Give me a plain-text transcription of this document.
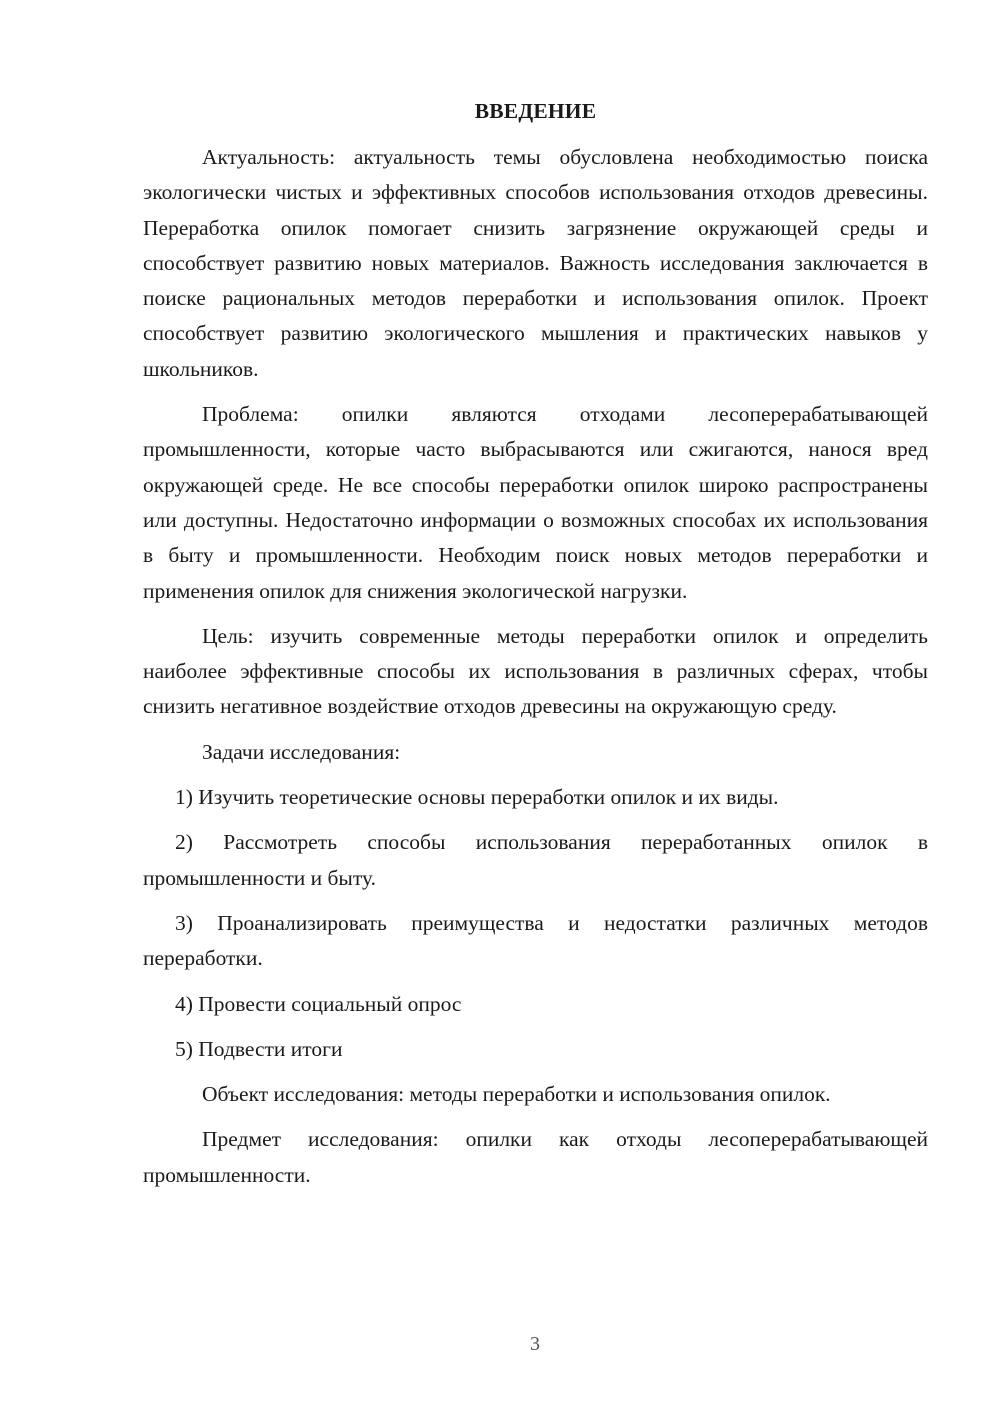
ВВЕДЕНИЕ

Актуальность: актуальность темы обусловлена необходимостью поиска экологически чистых и эффективных способов использования отходов древесины. Переработка опилок помогает снизить загрязнение окружающей среды и способствует развитию новых материалов. Важность исследования заключается в поиске рациональных методов переработки и использования опилок. Проект способствует развитию экологического мышления и практических навыков у школьников.

Проблема: опилки являются отходами лесоперерабатывающей промышленности, которые часто выбрасываются или сжигаются, нанося вред окружающей среде. Не все способы переработки опилок широко распространены или доступны. Недостаточно информации о возможных способах их использования в быту и промышленности. Необходим поиск новых методов переработки и применения опилок для снижения экологической нагрузки.

Цель: изучить современные методы переработки опилок и определить наиболее эффективные способы их использования в различных сферах, чтобы снизить негативное воздействие отходов древесины на окружающую среду.

Задачи исследования:

1) Изучить теоретические основы переработки опилок и их виды.

2) Рассмотреть способы использования переработанных опилок в промышленности и быту.

3) Проанализировать преимущества и недостатки различных методов переработки.

4) Провести социальный опрос

5) Подвести итоги

Объект исследования: методы переработки и использования опилок.

Предмет исследования: опилки как отходы лесоперерабатывающей промышленности.

3
